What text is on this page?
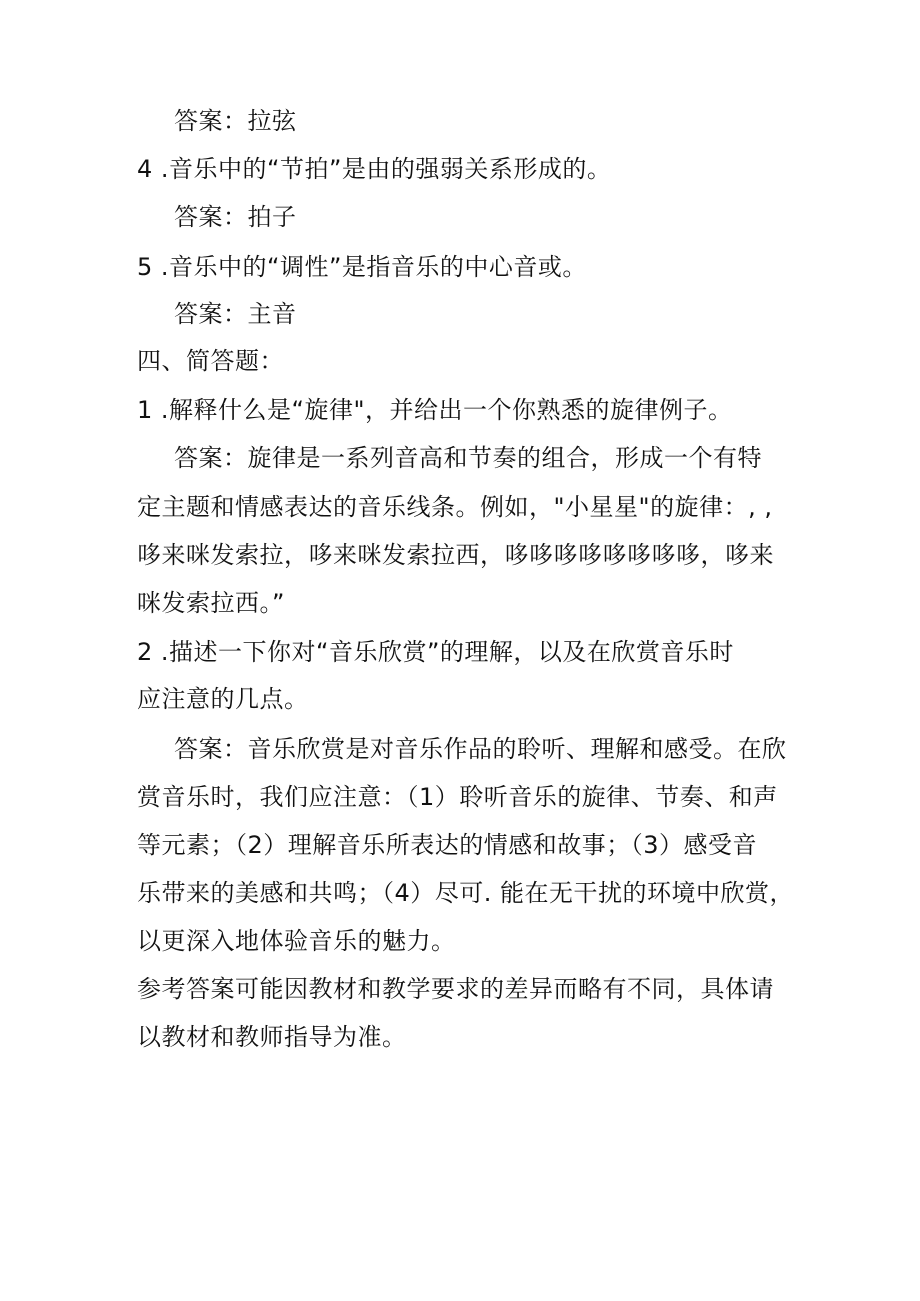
答案：拉弦
4 .音乐中的“节拍”是由的强弱关系形成的。
答案：拍子
5 .音乐中的“调性”是指音乐的中心音或。
答案：主音
四、简答题：
1 .解释什么是“旋律"，并给出一个你熟悉的旋律例子。
答案：旋律是一系列音高和节奏的组合，形成一个有特
定主题和情感表达的音乐线条。例如，"小星星"的旋律：, ,
哆来咪发索拉，哆来咪发索拉西，哆哆哆哆哆哆哆哆，哆来
咪发索拉西。”
2 .描述一下你对“音乐欣赏”的理解，以及在欣赏音乐时
应注意的几点。
答案：音乐欣赏是对音乐作品的聆听、理解和感受。在欣
赏音乐时，我们应注意：（1）聆听音乐的旋律、节奏、和声
等元素；（2）理解音乐所表达的情感和故事；（3）感受音
乐带来的美感和共鸣；（4）尽可. 能在无干扰的环境中欣赏，
以更深入地体验音乐的魅力。
参考答案可能因教材和教学要求的差异而略有不同，具体请
以教材和教师指导为准。
